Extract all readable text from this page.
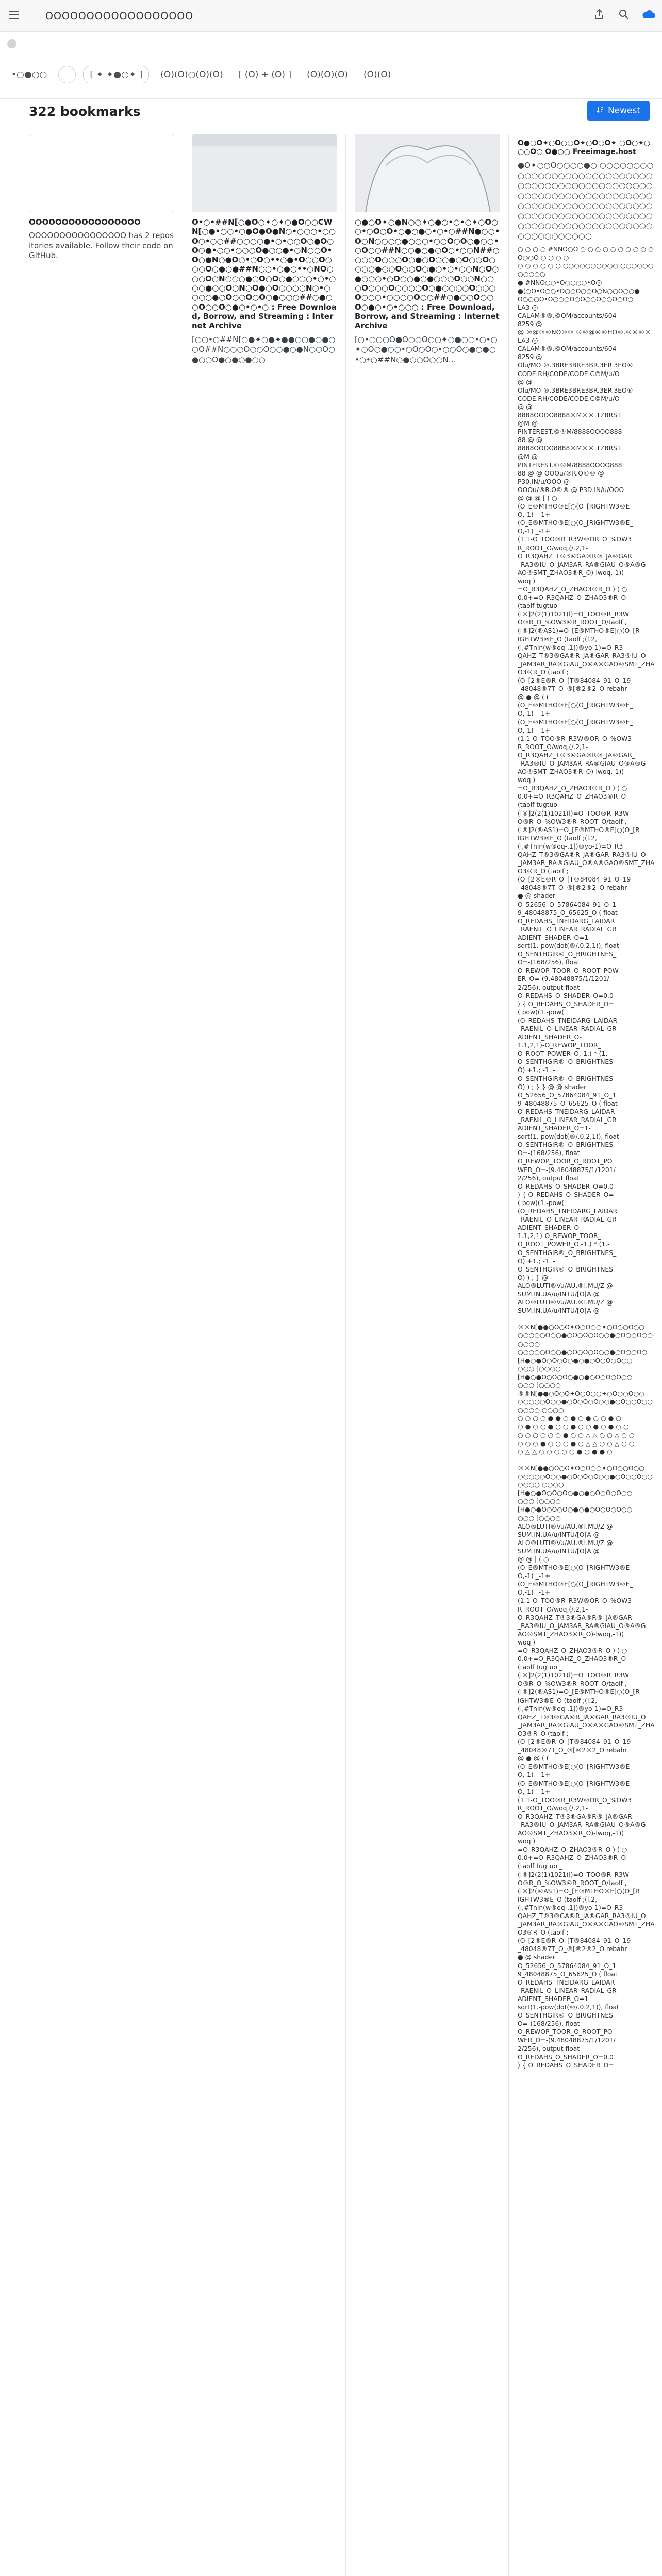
OOOOOOOOOOOOOOOOOO
•○●○○	[ ✦ ✦●○✦ ]	(O)(O)○(O)(O)	[ (O) + (O) ]	(O)(O)(O)	(O)(O)
322 bookmarks	Newest
OOOOOOOOOOOOOOOOO
OOOOOOOOOOOOOOOO has 2 repositories available. Follow their code on GitHub.
O•○•##N[○●O○✦○✦○●O○○CWN[○●•○○•○●O●O●N○•○○○•○○O○•○○##○○○○●•○•○○O○●O○O○●•○○•○○○O●○○●•○N○○O•O○●N○●O○•○O○••○●•O○○O○○○O○●○●##N○○•○●○••○NO○○○O○N○○○●○O○O○●○○○•○•○○○●○○O○N○O●○O○○○○N○•○○○○●○O○○O○O○●○○○##○●○○O○○O○●○•○•○ : Free Download, Borrow, and Streaming : Internet Archive
[○○•○##N[○●✦○●✦●●○○●○●○○O##N○○○O○○O○○●○●N○○O○●○○O●○●○●○○
○●○O✦○●N○○✦○●○•○•○✦○O○○•○O○O•○●○●○•○•○##N●○○•O○N○○○○●○○○•○○O○O○●○○•○O○○##N○○●○●○O○•○○N##○○○○O○○○O○●○O○○●○O○○O○○○○●○○O○○O○●○•○•○○N○O○●○○○•○O○○●○●○○○O○○N○○○O○○○O○○○○O○●○○○○O○○○O○○○•○○○○O○○##○●○○O○○O○●○•○•○○○ : Free Download, Borrow, and Streaming : Internet Archive
[○•○○○O●O○○O○○✦○●○○•○•○✦○O○●○○•○O○O○•○○O○●○●○•○•○##N○●○○O○○N…
O●○O✦○O○○O✦○O○O✦ ○O○✦○○○O○ O●○○ Freeimage.host
●O✦○○O○○○○●○ ○○○○○○○○○○○○○○○○○○○○○○○○○○○○○○○○○○○○○○○○○○○○○○○○○○○○○○○○○○○○○○○○○○○○○○○○○○○○○○○○○○○○○○○○○○○○○○○○○○○○○○○○○○○○○○○○○○○○○○○○○○○○○○○○○○○○○○○○○○○
○ ○ ○ ○ #NNO○O ○ ○ ○ ○ ○ ○ ○ ○ ○ ○O○○O ○ ○ ○ ○
○ ○ ○ ○ ○ ○ ○○○○○○○○○○ ○○○○○○○○○○○
● #NNO○○•O○○○○•O@
●(○O•O○○•O○○O○○O○N○○O○○●
O○○○O•O○○○O○O○○O○○O○O○
LA3 @
CALAM®®.©OM/accounts/604
8259 @
@ ®@®®NO®® ®®@®®HO®.®®®®
LA3 @
CALAM®®.©OM/accounts/604
8259 @
Olu/MO ®.3BRE3BRE3BR.3ER.3EO®
CODE.RH/CODE/CODE.C©M/u/O
@ @
Olu/MO ®.3BRE3BRE3BR.3ER.3EO®
CODE.RH/CODE/CODE.C©M/u/O
@ @
8888OOOO8888®M®®.TZ8RST
@M @
PINTEREST.©®M/8888OOOO888
88 @ @
8888OOOO8888®M®®.TZ8RST
@M @
PINTEREST.©®M/8888OOOO888
88 @ @ OOOu/®R.O©® @
P30.IN/u/OOO @
OOOu/®R.O©® @ P3D.IN/u/OOO
@ @ @ [ ( ○
(O_E®MTHO®E[○(O_[RIGHTW3®E_
O,-1) _-1+
(O_E®MTHO®E[○(O_[RIGHTW3®E_
O,-1) _-1+
(1.1-O_TOO®R_R3W®OR_O_%OW3
R_ROOT_O/woq,(/.2,1-
O_R3QAHZ_T®3®GA®R®_JA®GAR_
_RA3®IU_O_JAM3AR_RA®GIAU_O®A®G
AO®SMT_ZHAO3®R_O)-lwoq,-1))
woq )
=O_R3QAHZ_O_ZHAO3®R_O ) ( ○
0.0+=O_R3QAHZ_O_ZHAO3®R_O
(taolf tugtuo _
(l®]2(2(1)1021(l)=O_TOO®R_R3W
O®R_O_%OW3®R_ROOT_O/taolf ,
(l®]2(®AS1)=O_[E®MTHO®E[○(O_[R
IGHTW3®E_O (taolf ;(l.2,
(l,#TnIn(w®oq-.1])®yo-1)=O_R3
QAHZ_T®3®GA®R_JA®GAR_RA3®IU_O
_JAM3AR_RA®GIAU_O®A®GAO®SMT_ZHAO3®R_O (taolf ;
(O_[2®E®R_O_[T®84084_91_O_19
_48048®7T_O_®[®2®2_O rebahr
@ ● @ ( (
(O_E®MTHO®E[○(O_[RIGHTW3®E_
O,-1) _-1+
(O_E®MTHO®E[○(O_[RIGHTW3®E_
O,-1) _-1+
(1.1-O_TOO®R_R3W®OR_O_%OW3
R_ROOT_O/woq,(/.2,1-
O_R3QAHZ_T®3®GA®R®_JA®GAR_
_RA3®IU_O_JAM3AR_RA®GIAU_O®A®G
AO®SMT_ZHAO3®R_O)-lwoq,-1))
woq )
=O_R3QAHZ_O_ZHAO3®R_O ) ( ○
0.0+=O_R3QAHZ_O_ZHAO3®R_O
(taolf tugtuo _
(l®]2(2(1)1021(l)=O_TOO®R_R3W
O®R_O_%OW3®R_ROOT_O/taolf ,
(l®]2(®AS1)=O_[E®MTHO®E[○(O_[R
IGHTW3®E_O (taolf ;(l.2,
(l,#TnIn(w®oq-.1])®yo-1)=O_R3
QAHZ_T®3®GA®R_JA®GAR_RA3®IU_O
_JAM3AR_RA®GIAU_O®A®GAO®SMT_ZHAO3®R_O (taolf ;
(O_[2®E®R_O_[T®84084_91_O_19
_48048®7T_O_®[®2®2_O rebahr
● @ shader
O_52656_O_57864084_91_O_1
9_48048875_O_65625_O ( float
O_REDAHS_TNEIDARG_LAIDAR
_RAENIL_O_LINEAR_RADIAL_GR
ADIENT_SHADER_O=1-
sqrt(1.-pow(dot(®/.0.2,1)), float
O_SENTHGIR®_O_BRIGHTNES_
O=-(168/256), float
O_REWOP_TOOR_O_ROOT_POW
ER_O=-(9.48048875/1/1201/
2/256), output float
O_REDAHS_O_SHADER_O=0.0
) { O_REDAHS_O_SHADER_O=
( pow((1.-pow(
(O_REDAHS_TNEIDARG_LAIDAR
_RAENIL_O_LINEAR_RADIAL_GR
ADIENT_SHADER_O-
1.1,2,1)-O_REWOP_TOOR_
O_ROOT_POWER_O,-1.) * (1.-
O_SENTHGIR®_O_BRIGHTNES_
O) +1.; -1. -
O_SENTHGIR®_O_BRIGHTNES_
O) ) ; } } @ @ shader
O_52656_O_57864084_91_O_1
9_48048875_O_65625_O ( float
O_REDAHS_TNEIDARG_LAIDAR
_RAENIL_O_LINEAR_RADIAL_GR
ADIENT_SHADER_O=1-
sqrt(1.-pow(dot(®/.0.2,1)), float
O_SENTHGIR®_O_BRIGHTNES_
O=-(168/256), float
O_REWOP_TOOR_O_ROOT_PO
WER_O=-(9.48048875/1/1201/
2/256), output float
O_REDAHS_O_SHADER_O=0.0
) { O_REDAHS_O_SHADER_O=
( pow((1.-pow(
(O_REDAHS_TNEIDARG_LAIDAR
_RAENIL_O_LINEAR_RADIAL_GR
ADIENT_SHADER_O-
1.1,2,1)-O_REWOP_TOOR_
O_ROOT_POWER_O,-1.) * (1.-
O_SENTHGIR®_O_BRIGHTNES_
O) +1.; -1. -
O_SENTHGIR®_O_BRIGHTNES_
O) ) ; } @
ALO®LUTI®Vu/AU.®I.MU/Z @
SUM.IN.UA/u/INTU/[O[A @
ALO®LUTI®Vu/AU.®I.MU/Z @
SUM.IN.UA/u/INTU/[O[A @

®®N[●●○O○O✦O○O○○✦○O○○O○○
○○○○○O○○●○O○O○O○○●○O○○O○○ ○○○○
○○○○○O○○●○O○O○O○○●○O○○O○
[H●○●O○O○O○●○●○O○O○O○○
○○○ [○○○○
[H●○●O○O○O○●○●○O○O○O○○
○○○ [○○○○
®®N[●●○O○O✦O○O○○✦○O○○O○○
○○○○○O○○●○O○O○O○○●○O○○O○○
○○○○ ○○○○
○ ○ ○ ○ ● ● ○ ● ○ ● ○ ○ ● ○
○ ● ○ ○ ● ○ ○ ● ○ ○ ● ○ ● ○ ○
○ ○ ○ ○ ○ ○ ● ○ ○ △ △ ○ ○ △ ○ ○
○ ○ ○ ● ○ ○ ○ ● ○ △ △ ○ ○ △ ○ ○
○ △ △ ○ ○ ○ ○ ○ ● ○ ● ● ○

®®N[●●○O○O✦O○O○○✦○O○○O○○
○○○○○O○○●○O○O○O○○●○O○○O○○
○○○○ ○○○○
[H●○●O○O○O○●○●○O○O○O○○
○○○ [○○○○
[H●○●O○O○O○●○●○O○O○O○○
○○○ [○○○○
ALO®LUTI®Vu/AU.®I.MU/Z @
SUM.IN.UA/u/INTU/[O[A @
ALO®LUTI®Vu/AU.®I.MU/Z @
SUM.IN.UA/u/INTU/[O[A @
@ @ [ ( ○
(O_E®MTHO®E[○(O_[RIGHTW3®E_
O,-1) _-1+
(O_E®MTHO®E[○(O_[RIGHTW3®E_
O,-1) _-1+
(1.1-O_TOO®R_R3W®OR_O_%OW3
R_ROOT_O/woq,(/.2,1-
O_R3QAHZ_T®3®GA®R®_JA®GAR_
_RA3®IU_O_JAM3AR_RA®GIAU_O®A®G
AO®SMT_ZHAO3®R_O)-lwoq,-1))
woq )
=O_R3QAHZ_O_ZHAO3®R_O ) ( ○
0.0+=O_R3QAHZ_O_ZHAO3®R_O
(taolf tugtuo _
(l®]2(2(1)1021(l)=O_TOO®R_R3W
O®R_O_%OW3®R_ROOT_O/taolf ,
(l®]2(®AS1)=O_[E®MTHO®E[○(O_[R
IGHTW3®E_O (taolf ;(l.2,
(l,#TnIn(w®oq-.1])®yo-1)=O_R3
QAHZ_T®3®GA®R_JA®GAR_RA3®IU_O
_JAM3AR_RA®GIAU_O®A®GAO®SMT_ZHAO3®R_O (taolf ;
(O_[2®E®R_O_[T®84084_91_O_19
_48048®7T_O_®[®2®2_O rebahr
@ ● @ ( (
(O_E®MTHO®E[○(O_[RIGHTW3®E_
O,-1) _-1+
(O_E®MTHO®E[○(O_[RIGHTW3®E_
O,-1) _-1+
(1.1-O_TOO®R_R3W®OR_O_%OW3
R_ROOT_O/woq,(/.2,1-
O_R3QAHZ_T®3®GA®R®_JA®GAR_
_RA3®IU_O_JAM3AR_RA®GIAU_O®A®G
AO®SMT_ZHAO3®R_O)-lwoq,-1))
woq )
=O_R3QAHZ_O_ZHAO3®R_O ) ( ○
0.0+=O_R3QAHZ_O_ZHAO3®R_O
(taolf tugtuo _
(l®]2(2(1)1021(l)=O_TOO®R_R3W
O®R_O_%OW3®R_ROOT_O/taolf ,
(l®]2(®AS1)=O_[E®MTHO®E[○(O_[R
IGHTW3®E_O (taolf ;(l.2,
(l,#TnIn(w®oq-.1])®yo-1)=O_R3
QAHZ_T®3®GA®R_JA®GAR_RA3®IU_O
_JAM3AR_RA®GIAU_O®A®GAO®SMT_ZHAO3®R_O (taolf ;
(O_[2®E®R_O_[T®84084_91_O_19
_48048®7T_O_®[®2®2_O rebahr
● @ shader
O_52656_O_57864084_91_O_1
9_48048875_O_65625_O ( float
O_REDAHS_TNEIDARG_LAIDAR
_RAENIL_O_LINEAR_RADIAL_GR
ADIENT_SHADER_O=1-
sqrt(1.-pow(dot(®/.0.2,1)), float
O_SENTHGIR®_O_BRIGHTNES_
O=-(168/256), float
O_REWOP_TOOR_O_ROOT_PO
WER_O=-(9.48048875/1/1201/
2/256), output float
O_REDAHS_O_SHADER_O=0.0
) { O_REDAHS_O_SHADER_O=
